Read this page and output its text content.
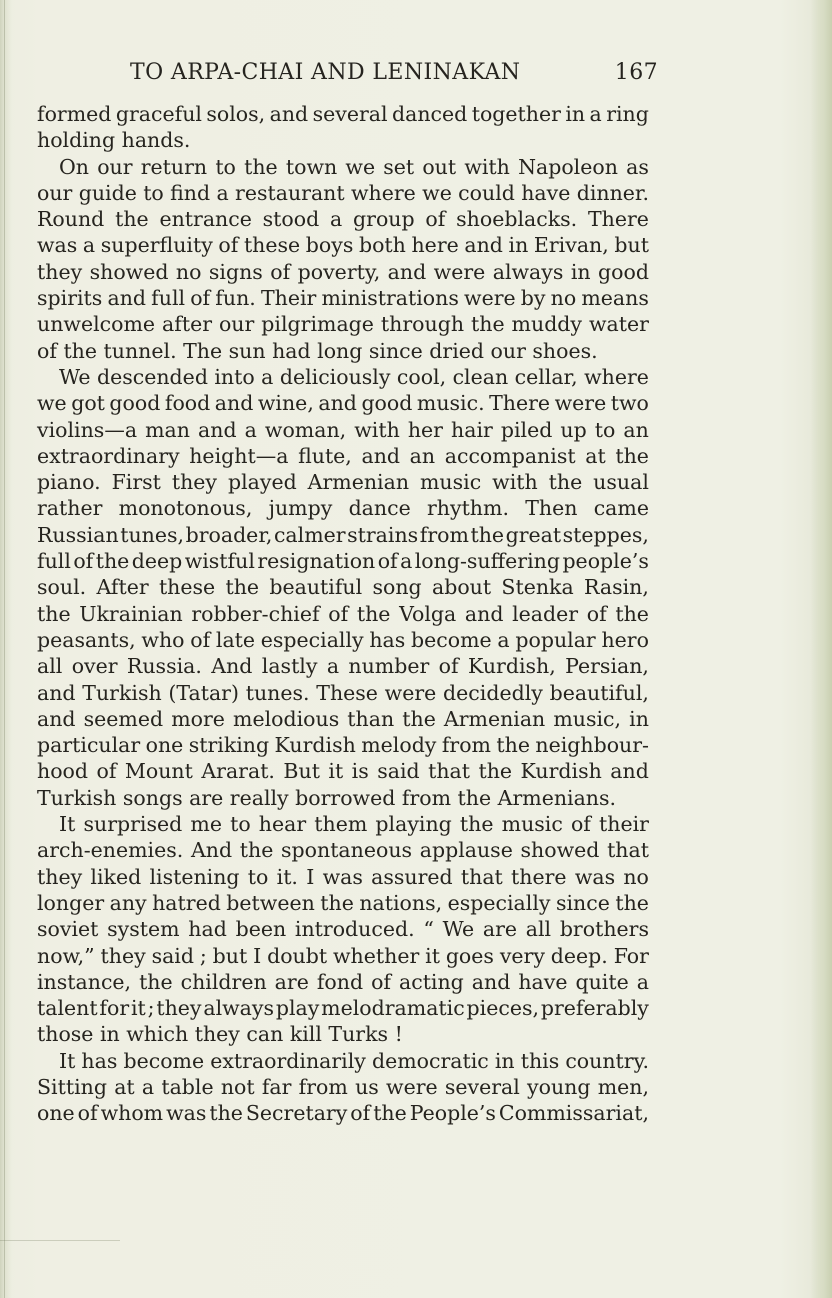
TO ARPA-CHAI AND LENINAKAN	167
formed graceful solos, and several danced together in a ring
holding hands.
On our return to the town we set out with Napoleon as
our guide to find a restaurant where we could have dinner.
Round the entrance stood a group of shoeblacks. There
was a superfluity of these boys both here and in Erivan, but
they showed no signs of poverty, and were always in good
spirits and full of fun. Their ministrations were by no means
unwelcome after our pilgrimage through the muddy water
of the tunnel. The sun had long since dried our shoes.
We descended into a deliciously cool, clean cellar, where
we got good food and wine, and good music. There were two
violins—a man and a woman, with her hair piled up to an
extraordinary height—a flute, and an accompanist at the
piano. First they played Armenian music with the usual
rather monotonous, jumpy dance rhythm. Then came
Russian tunes, broader, calmer strains from the great steppes,
full of the deep wistful resignation of a long-suffering people’s
soul. After these the beautiful song about Stenka Rasin,
the Ukrainian robber-chief of the Volga and leader of the
peasants, who of late especially has become a popular hero
all over Russia. And lastly a number of Kurdish, Persian,
and Turkish (Tatar) tunes. These were decidedly beautiful,
and seemed more melodious than the Armenian music, in
particular one striking Kurdish melody from the neighbour-
hood of Mount Ararat. But it is said that the Kurdish and
Turkish songs are really borrowed from the Armenians.
It surprised me to hear them playing the music of their
arch-enemies. And the spontaneous applause showed that
they liked listening to it. I was assured that there was no
longer any hatred between the nations, especially since the
soviet system had been introduced. “ We are all brothers
now,” they said ; but I doubt whether it goes very deep. For
instance, the children are fond of acting and have quite a
talent for it ; they always play melodramatic pieces, preferably
those in which they can kill Turks !
It has become extraordinarily democratic in this country.
Sitting at a table not far from us were several young men,
one of whom was the Secretary of the People’s Commissariat,
